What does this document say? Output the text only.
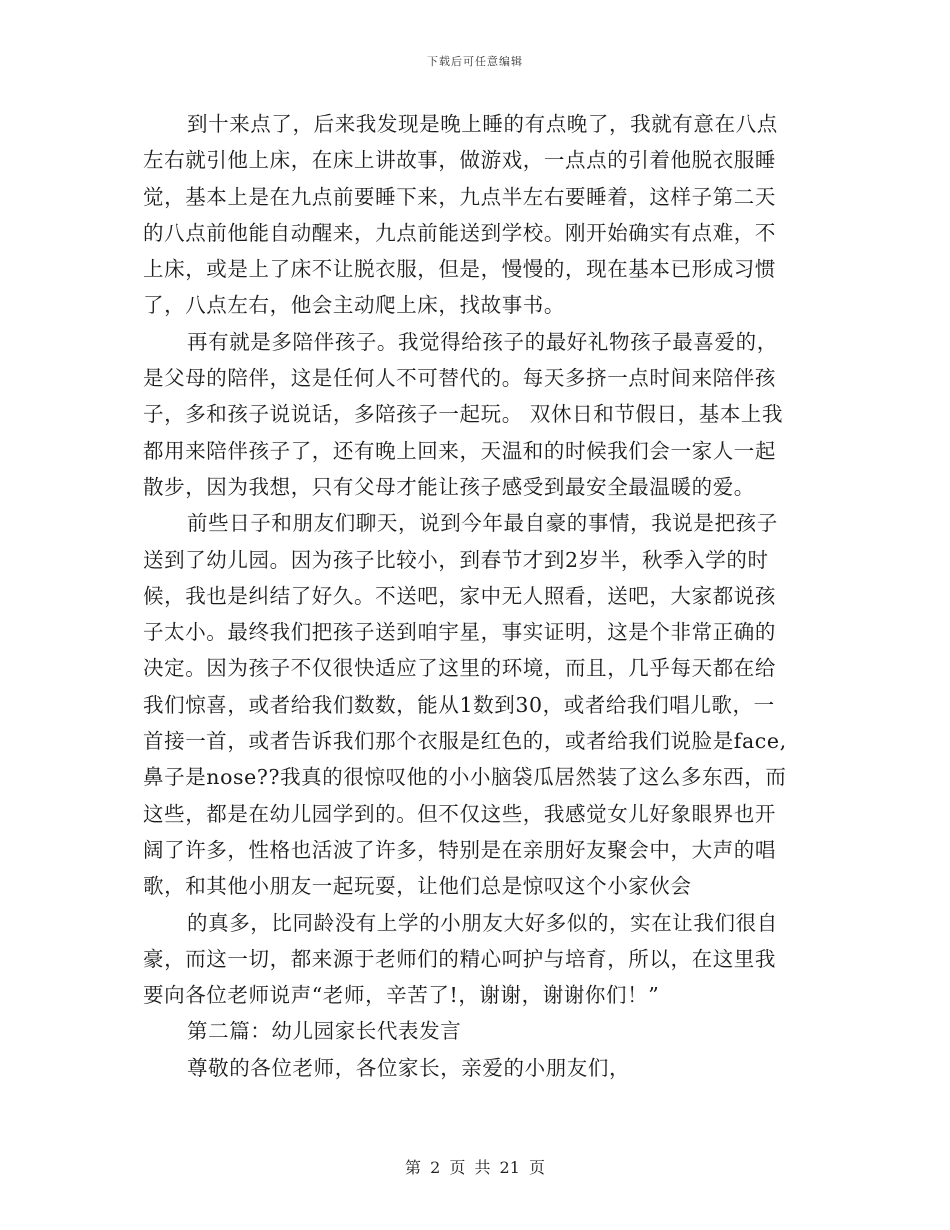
下载后可任意编辑
到十来点了，后来我发现是晚上睡的有点晚了，我就有意在八点
左右就引他上床，在床上讲故事，做游戏，一点点的引着他脱衣服睡
觉，基本上是在九点前要睡下来，九点半左右要睡着，这样子第二天
的八点前他能自动醒来，九点前能送到学校。刚开始确实有点难，不
上床，或是上了床不让脱衣服，但是，慢慢的，现在基本已形成习惯
了，八点左右，他会主动爬上床，找故事书。
再有就是多陪伴孩子。我觉得给孩子的最好礼物孩子最喜爱的，
是父母的陪伴，这是任何人不可替代的。每天多挤一点时间来陪伴孩
子，多和孩子说说话，多陪孩子一起玩。 双休日和节假日，基本上我
都用来陪伴孩子了，还有晚上回来，天温和的时候我们会一家人一起
散步，因为我想，只有父母才能让孩子感受到最安全最温暖的爱。
前些日子和朋友们聊天，说到今年最自豪的事情，我说是把孩子
送到了幼儿园。因为孩子比较小，到春节才到2岁半，秋季入学的时
候，我也是纠结了好久。不送吧，家中无人照看，送吧，大家都说孩
子太小。最终我们把孩子送到咱宇星，事实证明，这是个非常正确的
决定。因为孩子不仅很快适应了这里的环境，而且，几乎每天都在给
我们惊喜，或者给我们数数，能从1数到30，或者给我们唱儿歌，一
首接一首，或者告诉我们那个衣服是红色的，或者给我们说脸是face,
鼻子是nose??我真的很惊叹他的小小脑袋瓜居然装了这么多东西，而
这些，都是在幼儿园学到的。但不仅这些，我感觉女儿好象眼界也开
阔了许多，性格也活波了许多，特别是在亲朋好友聚会中，大声的唱
歌，和其他小朋友一起玩耍，让他们总是惊叹这个小家伙会
的真多，比同龄没有上学的小朋友大好多似的，实在让我们很自
豪，而这一切，都来源于老师们的精心呵护与培育，所以，在这里我
要向各位老师说声“老师，辛苦了!，谢谢，谢谢你们！”
第二篇：幼儿园家长代表发言
尊敬的各位老师，各位家长，亲爱的小朋友们，
第 2 页 共 21 页
